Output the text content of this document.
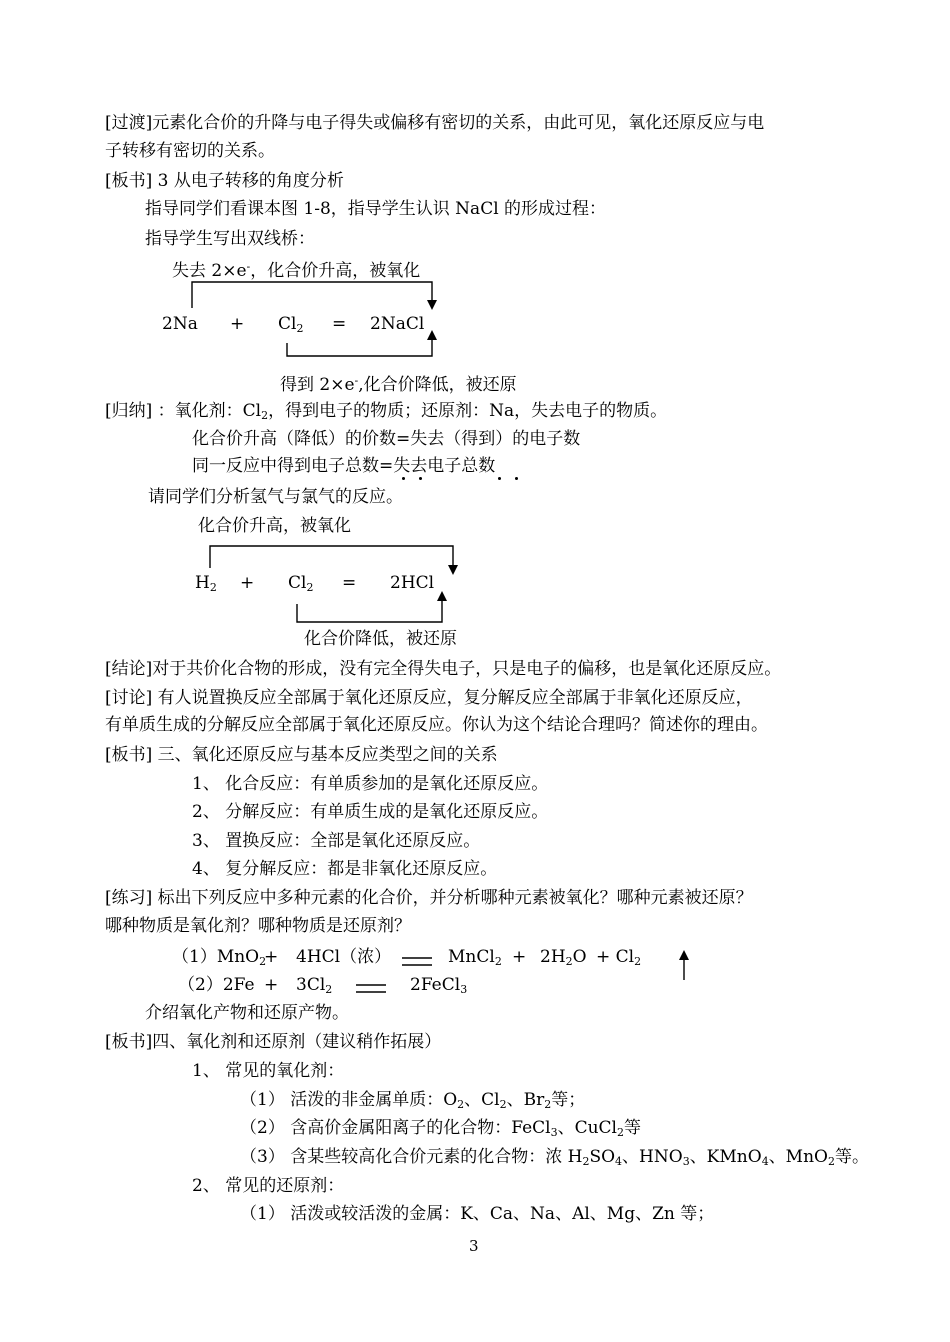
[过渡]元素化合价的升降与电子得失或偏移有密切的关系，由此可见，氧化还原反应与电
子转移有密切的关系。
[板书] 3 从电子转移的角度分析
指导同学们看课本图 1-8，指导学生认识 NaCl 的形成过程：
指导学生写出双线桥：
失去 2×e-，化合价升高，被氧化
$2Na + Cl_2$ = 2NaCl
得到 2×e-,化合价降低，被还原
[归纳] ：氧化剂：$Cl_2$，得到电子的物质；还原剂：Na，失去电子的物质。
化合价升高（降低）的价数=失去（得到）的电子数
同一反应中得到电子总数=失去电子总数
请同学们分析氢气与氯气的反应。
化合价升高，被氧化
$H_2 + Cl_2 = 2HCl$
化合价降低，被还原
[结论]对于共价化合物的形成，没有完全得失电子，只是电子的偏移，也是氧化还原反应。
[讨论] 有人说置换反应全部属于氧化还原反应，复分解反应全部属于非氧化还原反应，
有单质生成的分解反应全部属于氧化还原反应。你认为这个结论合理吗？简述你的理由。
[板书] 三、氧化还原反应与基本反应类型之间的关系
1、 化合反应：有单质参加的是氧化还原反应。
2、 分解反应：有单质生成的是氧化还原反应。
3、 置换反应：全部是氧化还原反应。
4、 复分解反应：都是非氧化还原反应。
[练习] 标出下列反应中多种元素的化合价，并分析哪种元素被氧化？哪种元素被还原？
哪种物质是氧化剂？哪种物质是还原剂？
（1）MnO$_2$
+ 4HCl（浓）	MnCl$_2$ + $2H_2O + Cl_2$
$(2)2Fe + 3Cl_2$	2FeCl$_3$
介绍氧化产物和还原产物。
[板书]四、氧化剂和还原剂（建议稍作拓展）
1、 常见的氧化剂：
（1） 活泼的非金属单质：$O_2$、$Cl_2$、$Br_2$等；
（2） 含高价金属阳离子的化合物：FeCl$_3$、CuCl$_2$等
（3） 含某些较高化合价元素的化合物：浓 $H_2SO_4$、$HNO_3$、KMnO$_4$、MnO$_2$等。
2、 常见的还原剂：
（1） 活泼或较活泼的金属：K、Ca、Na、Al、Mg、Zn 等；
3
